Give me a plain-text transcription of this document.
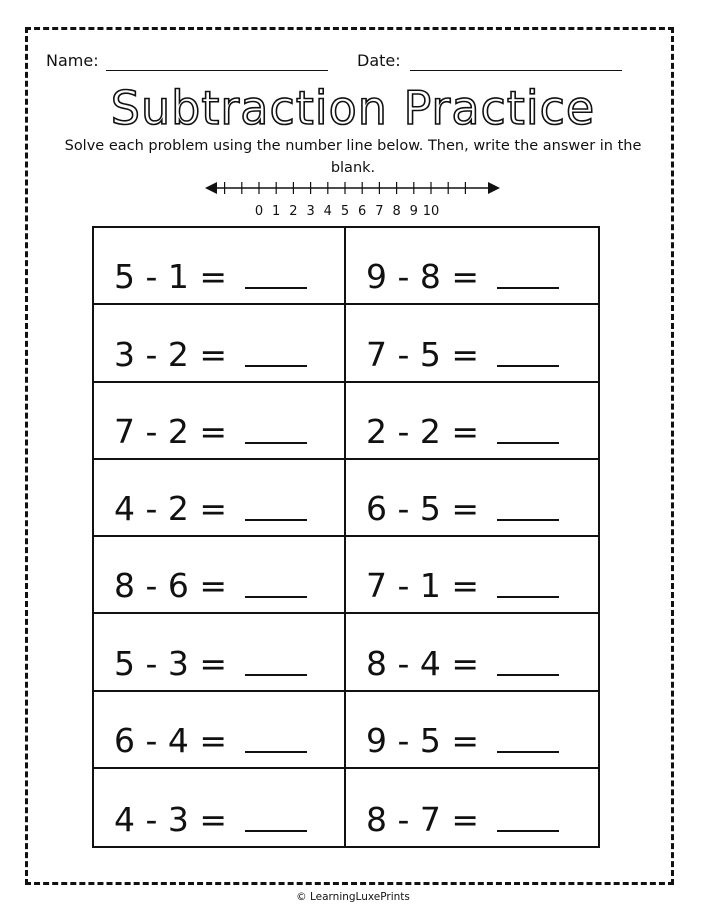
Name:	Date:
Subtraction Practice
Solve each problem using the number line below. Then, write the answer in the blank.
0 1 2 3 4 5 6 7 8 9 10
5 - 1 =	9 - 8 =
3 - 2 =	7 - 5 =
7 - 2 =	2 - 2 =
4 - 2 =	6 - 5 =
8 - 6 =	7 - 1 =
5 - 3 =	8 - 4 =
6 - 4 =	9 - 5 =
4 - 3 =	8 - 7 =
© LearningLuxePrints
